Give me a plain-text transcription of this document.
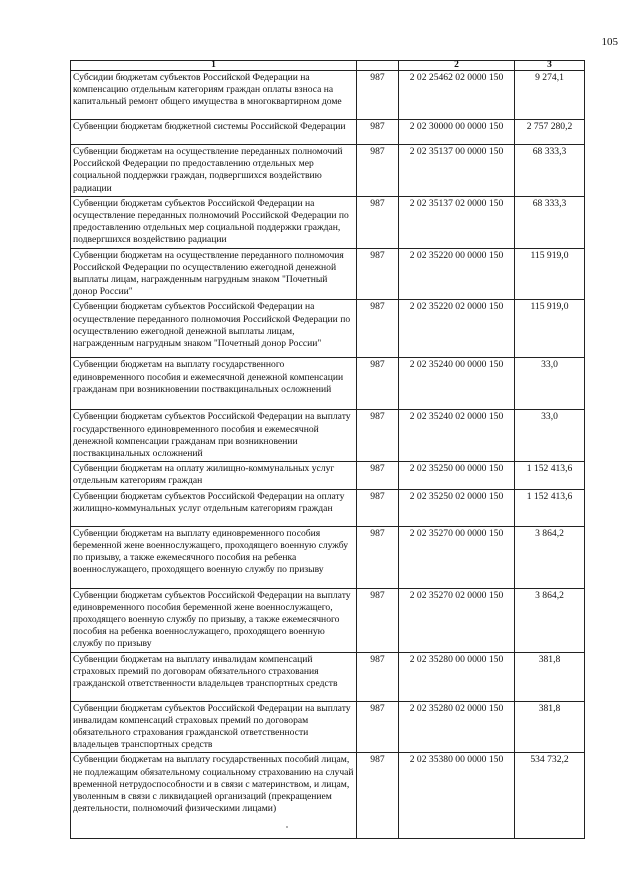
105
1		2	3
Субсидии бюджетам субъектов Российской Федерации на компенсацию отдельным категориям граждан оплаты взноса на капитальный ремонт общего имущества в многоквартирном доме	987	2 02 25462 02 0000 150	9 274,1
Субвенции бюджетам бюджетной системы Российской Федерации	987	2 02 30000 00 0000 150	2 757 280,2
Субвенции бюджетам на осуществление переданных полномочий Российской Федерации по предоставлению отдельных мер социальной поддержки граждан, подвергшихся воздействию радиации	987	2 02 35137 00 0000 150	68 333,3
Субвенции бюджетам субъектов Российской Федерации на осуществление переданных полномочий Российской Федерации по предоставлению отдельных мер социальной поддержки граждан, подвергшихся воздействию радиации	987	2 02 35137 02 0000 150	68 333,3
Субвенции бюджетам на осуществление переданного полномочия Российской Федерации по осуществлению ежегодной денежной выплаты лицам, награжденным нагрудным знаком "Почетный донор России"	987	2 02 35220 00 0000 150	115 919,0
Субвенции бюджетам субъектов Российской Федерации на осуществление переданного полномочия Российской Федерации по осуществлению ежегодной денежной выплаты лицам, награжденным нагрудным знаком "Почетный донор России"	987	2 02 35220 02 0000 150	115 919,0
Субвенции бюджетам на выплату государственного единовременного пособия и ежемесячной денежной компенсации гражданам при возникновении поствакцинальных осложнений	987	2 02 35240 00 0000 150	33,0
Субвенции бюджетам субъектов Российской Федерации на выплату государственного единовременного пособия и ежемесячной денежной компенсации гражданам при возникновении поствакцинальных осложнений	987	2 02 35240 02 0000 150	33,0
Субвенции бюджетам на оплату жилищно-коммунальных услуг отдельным категориям граждан	987	2 02 35250 00 0000 150	1 152 413,6
Субвенции бюджетам субъектов Российской Федерации на оплату жилищно-коммунальных услуг отдельным категориям граждан	987	2 02 35250 02 0000 150	1 152 413,6
Субвенции бюджетам на выплату единовременного пособия беременной жене военнослужащего, проходящего военную службу по призыву, а также ежемесячного пособия на ребенка военнослужащего, проходящего военную службу по призыву	987	2 02 35270 00 0000 150	3 864,2
Субвенции бюджетам субъектов Российской Федерации на выплату единовременного пособия беременной жене военнослужащего, проходящего военную службу по призыву, а также ежемесячного пособия на ребенка военнослужащего, проходящего военную службу по призыву	987	2 02 35270 02 0000 150	3 864,2
Субвенции бюджетам на выплату инвалидам компенсаций страховых премий по договорам обязательного страхования гражданской ответственности владельцев транспортных средств	987	2 02 35280 00 0000 150	381,8
Субвенции бюджетам субъектов Российской Федерации на выплату инвалидам компенсаций страховых премий по договорам обязательного страхования гражданской ответственности владельцев транспортных средств	987	2 02 35280 02 0000 150	381,8
Субвенции бюджетам на выплату государственных пособий лицам, не подлежащим обязательному социальному страхованию на случай временной нетрудоспособности и в связи с материнством, и лицам, уволенным в связи с ликвидацией организаций (прекращением деятельности, полномочий физическими лицами)	987	2 02 35380 00 0000 150	534 732,2
